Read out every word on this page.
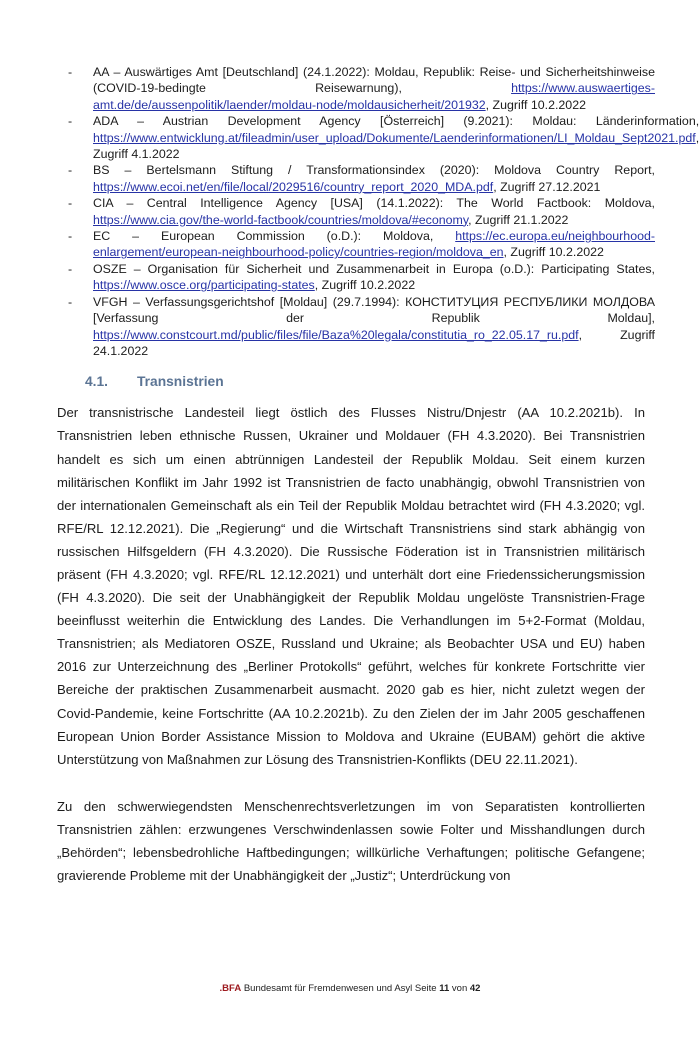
-	AA – Auswärtiges Amt [Deutschland] (24.1.2022): Moldau, Republik: Reise- und Sicherheitshinweise (COVID-19-bedingte Reisewarnung), https://www.auswaertiges-amt.de/de/aussenpolitik/laender/moldau-node/moldausicherheit/201932, Zugriff 10.2.2022
-	ADA – Austrian Development Agency [Österreich] (9.2021): Moldau: Länderinformation, https://www.entwicklung.at/fileadmin/user_upload/Dokumente/Laenderinformationen/LI_Moldau_Sept2021.pdf, Zugriff 4.1.2022
-	BS – Bertelsmann Stiftung / Transformationsindex (2020): Moldova Country Report, https://www.ecoi.net/en/file/local/2029516/country_report_2020_MDA.pdf, Zugriff 27.12.2021
-	CIA – Central Intelligence Agency [USA] (14.1.2022): The World Factbook: Moldova, https://www.cia.gov/the-world-factbook/countries/moldova/#economy, Zugriff 21.1.2022
-	EC – European Commission (o.D.): Moldova, https://ec.europa.eu/neighbourhood-enlargement/european-neighbourhood-policy/countries-region/moldova_en, Zugriff 10.2.2022
-	OSZE – Organisation für Sicherheit und Zusammenarbeit in Europa (o.D.): Participating States, https://www.osce.org/participating-states, Zugriff 10.2.2022
-	VFGH – Verfassungsgerichtshof [Moldau] (29.7.1994): КОНСТИТУЦИЯ РЕСПУБЛИКИ МОЛДОВА [Verfassung der Republik Moldau], https://www.constcourt.md/public/files/file/Baza%20legala/constitutia_ro_22.05.17_ru.pdf, Zugriff 24.1.2022
4.1. Transnistrien

Der transnistrische Landesteil liegt östlich des Flusses Nistru/Dnjestr (AA 10.2.2021b). In Transnistrien leben ethnische Russen, Ukrainer und Moldauer (FH 4.3.2020). Bei Transnistrien handelt es sich um einen abtrünnigen Landesteil der Republik Moldau. Seit einem kurzen militärischen Konflikt im Jahr 1992 ist Transnistrien de facto unabhängig, obwohl Transnistrien von der internationalen Gemeinschaft als ein Teil der Republik Moldau betrachtet wird (FH 4.3.2020; vgl. RFE/RL 12.12.2021). Die „Regierung“ und die Wirtschaft Transnistriens sind stark abhängig von russischen Hilfsgeldern (FH 4.3.2020). Die Russische Föderation ist in Transnistrien militärisch präsent (FH 4.3.2020; vgl. RFE/RL 12.12.2021) und unterhält dort eine Friedenssicherungsmission (FH 4.3.2020). Die seit der Unabhängigkeit der Republik Moldau ungelöste Transnistrien-Frage beeinflusst weiterhin die Entwicklung des Landes. Die Verhandlungen im 5+2-Format (Moldau, Transnistrien; als Mediatoren OSZE, Russland und Ukraine; als Beobachter USA und EU) haben 2016 zur Unterzeichnung des „Berliner Protokolls“ geführt, welches für konkrete Fortschritte vier Bereiche der praktischen Zusammenarbeit ausmacht. 2020 gab es hier, nicht zuletzt wegen der Covid-Pandemie, keine Fortschritte (AA 10.2.2021b). Zu den Zielen der im Jahr 2005 geschaffenen European Union Border Assistance Mission to Moldova and Ukraine (EUBAM) gehört die aktive Unterstützung von Maßnahmen zur Lösung des Transnistrien-Konflikts (DEU 22.11.2021).

Zu den schwerwiegendsten Menschenrechtsverletzungen im von Separatisten kontrollierten Transnistrien zählen: erzwungenes Verschwindenlassen sowie Folter und Misshandlungen durch „Behörden“; lebensbedrohliche Haftbedingungen; willkürliche Verhaftungen; politische Gefangene; gravierende Probleme mit der Unabhängigkeit der „Justiz“; Unterdrückung von

.BFA Bundesamt für Fremdenwesen und Asyl Seite 11 von 42
